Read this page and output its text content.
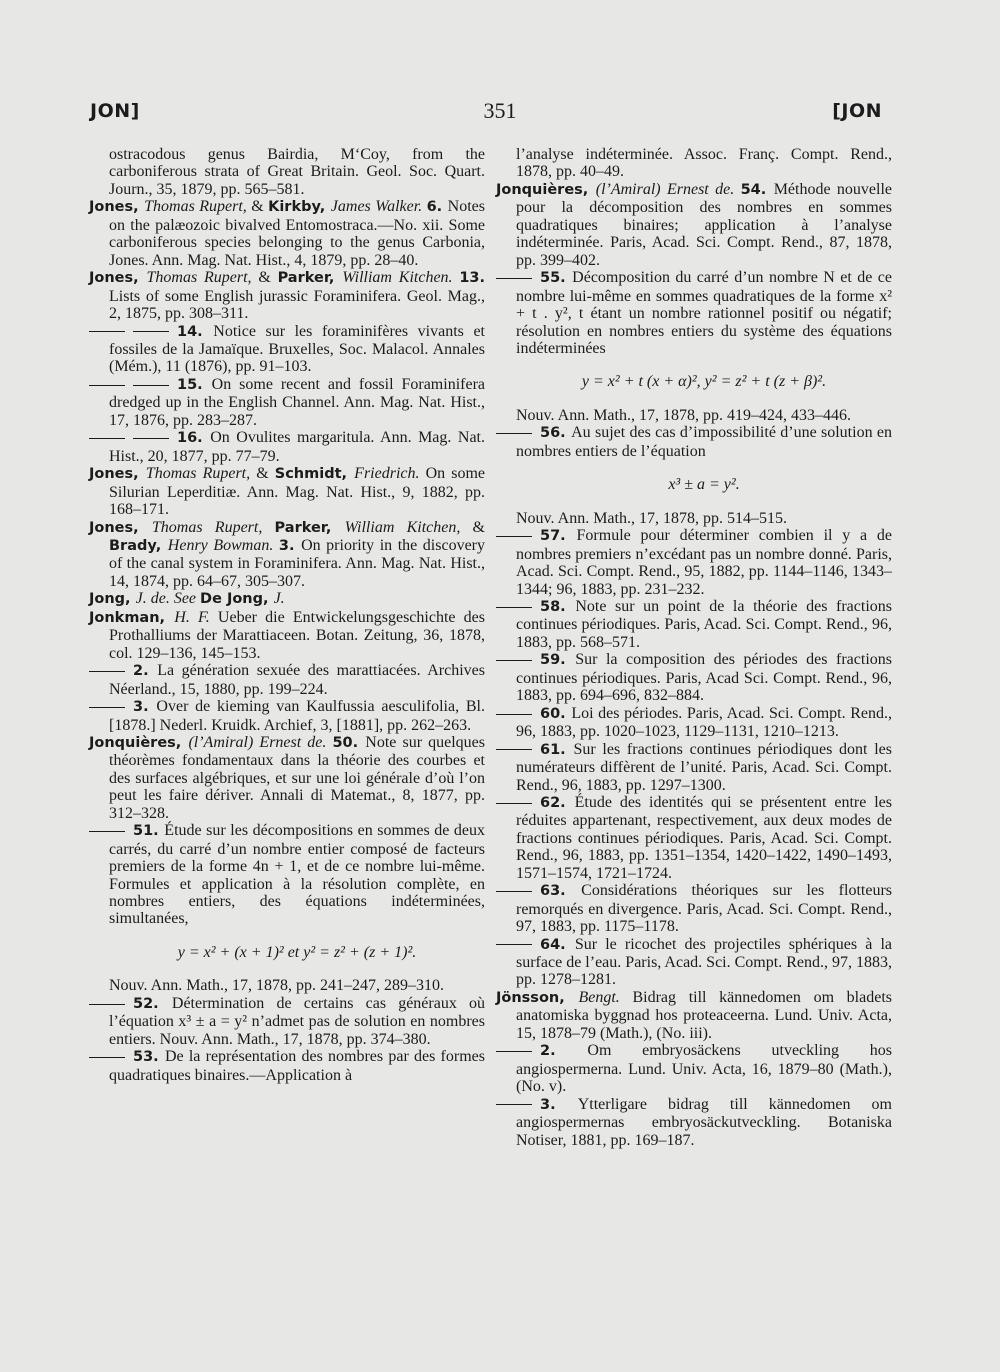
JON]	351	[JON

ostracodous genus Bairdia, M‘Coy, from the carboniferous strata of Great Britain. Geol. Soc. Quart. Journ., 35, 1879, pp. 565–581.

Jones, Thomas Rupert, & Kirkby, James Walker. 6. Notes on the palæozoic bivalved Entomostraca.—No. xii. Some carboniferous species belonging to the genus Carbonia, Jones. Ann. Mag. Nat. Hist., 4, 1879, pp. 28–40.

Jones, Thomas Rupert, & Parker, William Kitchen. 13. Lists of some English jurassic Foraminifera. Geol. Mag., 2, 1875, pp. 308–311.

14. Notice sur les foraminifères vivants et fossiles de la Jamaïque. Bruxelles, Soc. Malacol. Annales (Mém.), 11 (1876), pp. 91–103.

15. On some recent and fossil Foraminifera dredged up in the English Channel. Ann. Mag. Nat. Hist., 17, 1876, pp. 283–287.

16. On Ovulites margaritula. Ann. Mag. Nat. Hist., 20, 1877, pp. 77–79.

Jones, Thomas Rupert, & Schmidt, Friedrich. On some Silurian Leperditiæ. Ann. Mag. Nat. Hist., 9, 1882, pp. 168–171.

Jones, Thomas Rupert, Parker, William Kitchen, & Brady, Henry Bowman. 3. On priority in the discovery of the canal system in Foraminifera. Ann. Mag. Nat. Hist., 14, 1874, pp. 64–67, 305–307.

Jong, J. de. See De Jong, J.

Jonkman, H. F. Ueber die Entwickelungsgeschichte des Prothalliums der Marattiaceen. Botan. Zeitung, 36, 1878, col. 129–136, 145–153.

2. La génération sexuée des marattiacées. Archives Néerland., 15, 1880, pp. 199–224.

3. Over de kieming van Kaulfussia aesculifolia, Bl. [1878.] Nederl. Kruidk. Archief, 3, [1881], pp. 262–263.

Jonquières, (l’Amiral) Ernest de. 50. Note sur quelques théorèmes fondamentaux dans la théorie des courbes et des surfaces algébriques, et sur une loi générale d’où l’on peut les faire dériver. Annali di Matemat., 8, 1877, pp. 312–328.

51. Étude sur les décompositions en sommes de deux carrés, du carré d’un nombre entier composé de facteurs premiers de la forme 4n + 1, et de ce nombre lui-même. Formules et application à la résolution complète, en nombres entiers, des équations indéterminées, simultanées,

y = x² + (x + 1)² et y² = z² + (z + 1)².

Nouv. Ann. Math., 17, 1878, pp. 241–247, 289–310.

52. Détermination de certains cas généraux où l’équation x³ ± a = y² n’admet pas de solution en nombres entiers. Nouv. Ann. Math., 17, 1878, pp. 374–380.

53. De la représentation des nombres par des formes quadratiques binaires.—Application à

l’analyse indéterminée. Assoc. Franç. Compt. Rend., 1878, pp. 40–49.

Jonquières, (l’Amiral) Ernest de. 54. Méthode nouvelle pour la décomposition des nombres en sommes quadratiques binaires; application à l’analyse indéterminée. Paris, Acad. Sci. Compt. Rend., 87, 1878, pp. 399–402.

55. Décomposition du carré d’un nombre N et de ce nombre lui-même en sommes quadratiques de la forme x² + t . y², t étant un nombre rationnel positif ou négatif; résolution en nombres entiers du système des équations indéterminées

y = x² + t (x + α)², y² = z² + t (z + β)².

Nouv. Ann. Math., 17, 1878, pp. 419–424, 433–446.

56. Au sujet des cas d’impossibilité d’une solution en nombres entiers de l’équation

x³ ± a = y².

Nouv. Ann. Math., 17, 1878, pp. 514–515.

57. Formule pour déterminer combien il y a de nombres premiers n’excédant pas un nombre donné. Paris, Acad. Sci. Compt. Rend., 95, 1882, pp. 1144–1146, 1343–1344; 96, 1883, pp. 231–232.

58. Note sur un point de la théorie des fractions continues périodiques. Paris, Acad. Sci. Compt. Rend., 96, 1883, pp. 568–571.

59. Sur la composition des périodes des fractions continues périodiques. Paris, Acad Sci. Compt. Rend., 96, 1883, pp. 694–696, 832–884.

60. Loi des périodes. Paris, Acad. Sci. Compt. Rend., 96, 1883, pp. 1020–1023, 1129–1131, 1210–1213.

61. Sur les fractions continues périodiques dont les numérateurs diffèrent de l’unité. Paris, Acad. Sci. Compt. Rend., 96, 1883, pp. 1297–1300.

62. Étude des identités qui se présentent entre les réduites appartenant, respectivement, aux deux modes de fractions continues périodiques. Paris, Acad. Sci. Compt. Rend., 96, 1883, pp. 1351–1354, 1420–1422, 1490–1493, 1571–1574, 1721–1724.

63. Considérations théoriques sur les flotteurs remorqués en divergence. Paris, Acad. Sci. Compt. Rend., 97, 1883, pp. 1175–1178.

64. Sur le ricochet des projectiles sphériques à la surface de l’eau. Paris, Acad. Sci. Compt. Rend., 97, 1883, pp. 1278–1281.

Jönsson, Bengt. Bidrag till kännedomen om bladets anatomiska byggnad hos proteaceerna. Lund. Univ. Acta, 15, 1878–79 (Math.), (No. iii).

2. Om embryosäckens utveckling hos angiospermerna. Lund. Univ. Acta, 16, 1879–80 (Math.), (No. v).

3. Ytterligare bidrag till kännedomen om angiospermernas embryosäckutveckling. Botaniska Notiser, 1881, pp. 169–187.
